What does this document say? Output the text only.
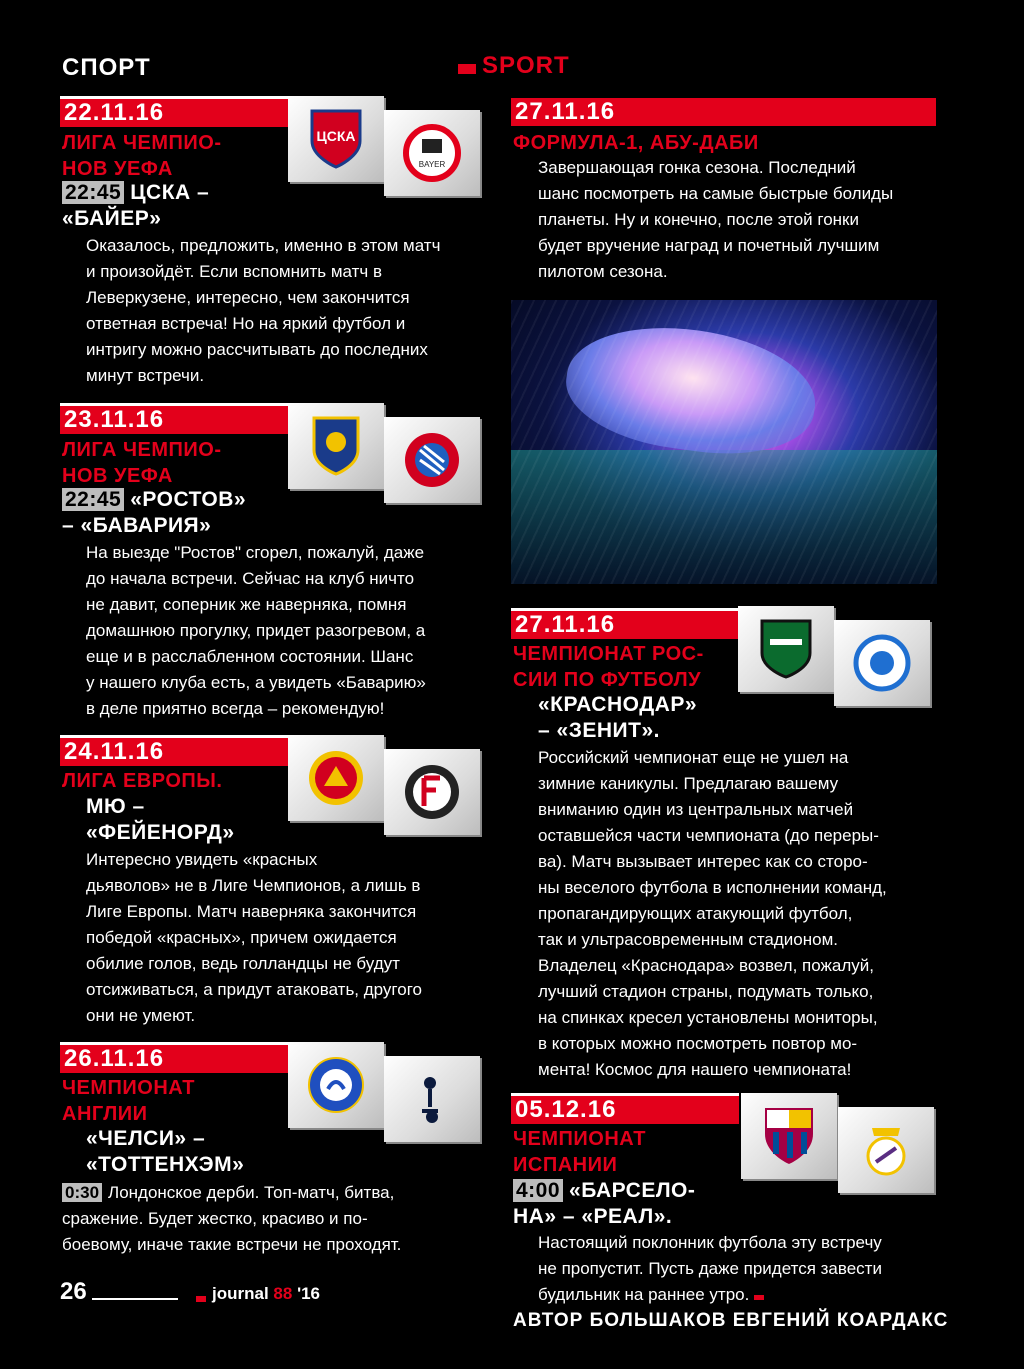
СПОРТ	SPORT
22.11.16
ЦСКА
BAYER
ЛИГА ЧЕМПИО-
НОВ УЕФА
22:45 ЦСКА –
«БАЙЕР»
Оказалось, предложить, именно в этом матч
и произойдёт. Если вспомнить матч в
Леверкузене, интересно, чем закончится
ответная встреча! Но на яркий футбол и
интригу можно рассчитывать до последних
минут встречи.
23.11.16
ЛИГА ЧЕМПИО-
НОВ УЕФА
22:45 «РОСТОВ»
– «БАВАРИЯ»
На выезде "Ростов" сгорел, пожалуй, даже
до начала встречи. Сейчас на клуб ничто
не давит, соперник же наверняка, помня
домашнюю прогулку, придет разогревом, а
еще и в расслабленном состоянии. Шанс
у нашего клуба есть, а увидеть «Баварию»
в деле приятно всегда – рекомендую!
24.11.16
ЛИГА ЕВРОПЫ.
МЮ –
«ФЕЙЕНОРД»
Интересно увидеть «красных
дьяволов» не в Лиге Чемпионов, а лишь в
Лиге Европы. Матч наверняка закончится
победой «красных», причем ожидается
обилие голов, ведь голландцы не будут
отсиживаться, а придут атаковать, другого
они не умеют.
26.11.16
ЧЕМПИОНАТ
АНГЛИИ
«ЧЕЛСИ» –
«ТОТТЕНХЭМ»
0:30 Лондонское дерби. Топ-матч, битва,
сражение. Будет жестко, красиво и по-
боевому, иначе такие встречи не проходят.
26	journal 88 '16
27.11.16
ФОРМУЛА-1, АБУ-ДАБИ
Завершающая гонка сезона. Последний
шанс посмотреть на самые быстрые болиды
планеты. Ну и конечно, после этой гонки
будет вручение наград и почетный лучшим
пилотом сезона.
27.11.16
ЧЕМПИОНАТ РОС-
СИИ ПО ФУТБОЛУ
«КРАСНОДАР»
– «ЗЕНИТ».
Российский чемпионат еще не ушел на
зимние каникулы. Предлагаю вашему
вниманию один из центральных матчей
оставшейся части чемпионата (до переры-
ва). Матч вызывает интерес как со сторо-
ны веселого футбола в исполнении команд,
пропагандирующих атакующий футбол,
так и ультрасовременным стадионом.
Владелец «Краснодара» возвел, пожалуй,
лучший стадион страны, подумать только,
на спинках кресел установлены мониторы,
в которых можно посмотреть повтор мо-
мента! Космос для нашего чемпионата!
05.12.16
ЧЕМПИОНАТ
ИСПАНИИ
4:00 «БАРСЕЛО-
НА» – «РЕАЛ».
Настоящий поклонник футбола эту встречу
не пропустит. Пусть даже придется завести
будильник на раннее утро.
АВТОР БОЛЬШАКОВ ЕВГЕНИЙ КОАРДАКС
